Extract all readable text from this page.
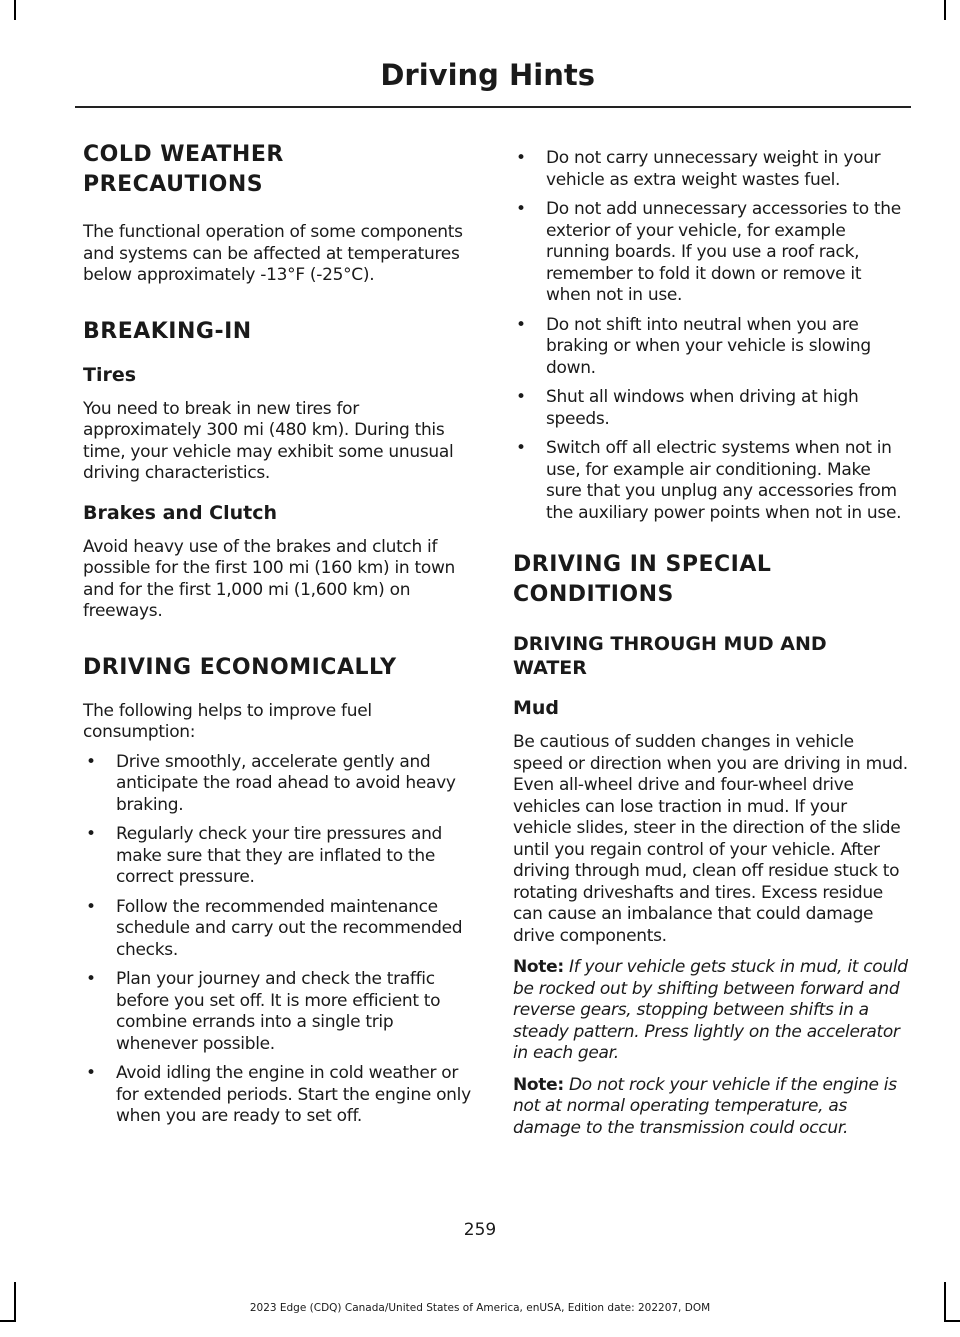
Driving Hints
COLD WEATHER
PRECAUTIONS

The functional operation of some components and systems can be affected at temperatures below approximately -13°F (-25°C).

BREAKING-IN
Tires

You need to break in new tires for approximately 300 mi (480 km). During this time, your vehicle may exhibit some unusual driving characteristics.

Brakes and Clutch

Avoid heavy use of the brakes and clutch if possible for the first 100 mi (160 km) in town and for the first 1,000 mi (1,600 km) on freeways.

DRIVING ECONOMICALLY

The following helps to improve fuel consumption:

• Drive smoothly, accelerate gently and anticipate the road ahead to avoid heavy braking.
• Regularly check your tire pressures and make sure that they are inflated to the correct pressure.
• Follow the recommended maintenance schedule and carry out the recommended checks.
• Plan your journey and check the traffic before you set off. It is more efficient to combine errands into a single trip whenever possible.
• Avoid idling the engine in cold weather or for extended periods. Start the engine only when you are ready to set off.
• Do not carry unnecessary weight in your vehicle as extra weight wastes fuel.
• Do not add unnecessary accessories to the exterior of your vehicle, for example running boards. If you use a roof rack, remember to fold it down or remove it when not in use.
• Do not shift into neutral when you are braking or when your vehicle is slowing down.
• Shut all windows when driving at high speeds.
• Switch off all electric systems when not in use, for example air conditioning. Make sure that you unplug any accessories from the auxiliary power points when not in use.
DRIVING IN SPECIAL
CONDITIONS
DRIVING THROUGH MUD AND WATER
Mud

Be cautious of sudden changes in vehicle speed or direction when you are driving in mud. Even all-wheel drive and four-wheel drive vehicles can lose traction in mud. If your vehicle slides, steer in the direction of the slide until you regain control of your vehicle. After driving through mud, clean off residue stuck to rotating driveshafts and tires. Excess residue can cause an imbalance that could damage drive components.

Note: If your vehicle gets stuck in mud, it could be rocked out by shifting between forward and reverse gears, stopping between shifts in a steady pattern. Press lightly on the accelerator in each gear.

Note: Do not rock your vehicle if the engine is not at normal operating temperature, as damage to the transmission could occur.

259
2023 Edge (CDQ) Canada/United States of America, enUSA, Edition date: 202207, DOM
